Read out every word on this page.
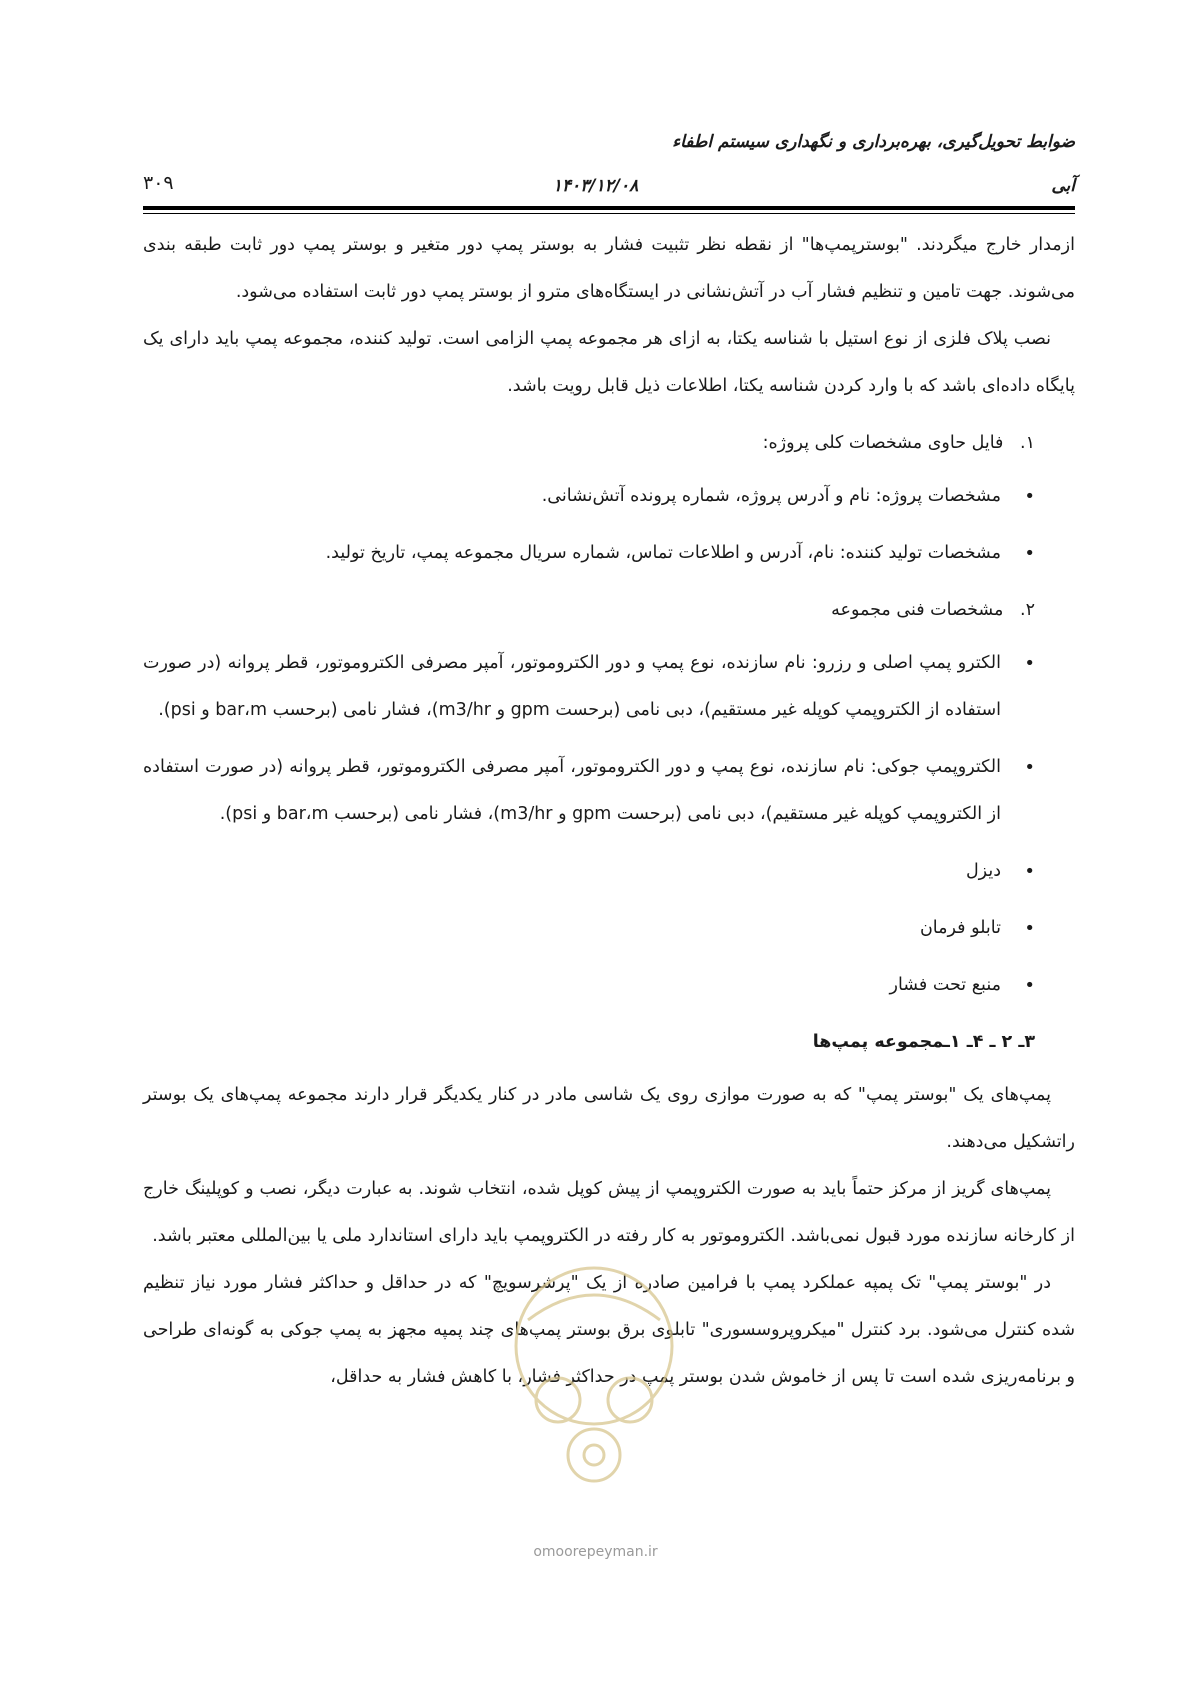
ضوابط تحویل‌گیری، بهره‌برداری و نگهداری سیستم اطفاء
آبی
۱۴۰۳/۱۲/۰۸
۳۰۹

ازمدار خارج میگردند. "بوسترپمپ‌ها" از نقطه نظر تثبیت فشار به بوستر پمپ دور متغیر و بوستر پمپ دور ثابت طبقه بندی می‌شوند. جهت تامین و تنظیم فشار آب در آتش‌نشانی در ایستگاه‌های مترو از بوستر پمپ دور ثابت استفاده می‌شود.

نصب پلاک فلزی از نوع استیل با شناسه یکتا، به ازای هر مجموعه پمپ الزامی است. تولید کننده، مجموعه پمپ باید دارای یک پایگاه داده‌ای باشد که با وارد کردن شناسه یکتا، اطلاعات ذیل قابل رویت باشد.

۱. فایل حاوی مشخصات کلی پروژه:

• مشخصات پروژه: نام و آدرس پروژه، شماره پرونده آتش‌نشانی.
• مشخصات تولید کننده: نام، آدرس و اطلاعات تماس، شماره سریال مجموعه پمپ، تاریخ تولید.

۲. مشخصات فنی مجموعه

• الکترو پمپ اصلی و رزرو: نام سازنده، نوع پمپ و دور الکتروموتور، آمپر مصرفی الکتروموتور، قطر پروانه (در صورت استفاده از الکتروپمپ کوپله غیر مستقیم)، دبی نامی (برحست gpm و m3/hr)، فشار نامی (برحسب bar،m و psi).
• الکتروپمپ جوکی: نام سازنده، نوع پمپ و دور الکتروموتور، آمپر مصرفی الکتروموتور، قطر پروانه (در صورت استفاده از الکتروپمپ کوپله غیر مستقیم)، دبی نامی (برحست gpm و m3/hr)، فشار نامی (برحسب bar،m و psi).
• دیزل
• تابلو فرمان
• منبع تحت فشار

۳ـ ۲ ـ ۴ـ ۱ـمجموعه پمپ‌ها

پمپ‌های یک "بوستر پمپ" که به صورت موازی روی یک شاسی مادر در کنار یکدیگر قرار دارند مجموعه پمپ‌های یک بوستر راتشکیل می‌دهند.

پمپ‌های گریز از مرکز حتماً باید به صورت الکتروپمپ از پیش کوپل شده، انتخاب شوند. به عبارت دیگر، نصب و کوپلینگ خارج از کارخانه سازنده مورد قبول نمی‌باشد. الکتروموتور به کار رفته در الکتروپمپ باید دارای استاندارد ملی یا بین‌المللی معتبر باشد.

در "بوستر پمپ" تک پمپه عملکرد پمپ با فرامین صادره از یک "پرشرسویچ" که در حداقل و حداکثر فشار مورد نیاز تنظیم شده کنترل می‌شود. برد کنترل "میکروپروسسوری" تابلوی برق بوستر پمپ‌های چند پمپه مجهز به پمپ جوکی به گونه‌ای طراحی و برنامه‌ریزی شده است تا پس از خاموش شدن بوستر پمپ در حداکثر فشار، با کاهش فشار به حداقل،

omoorepeyman.ir
